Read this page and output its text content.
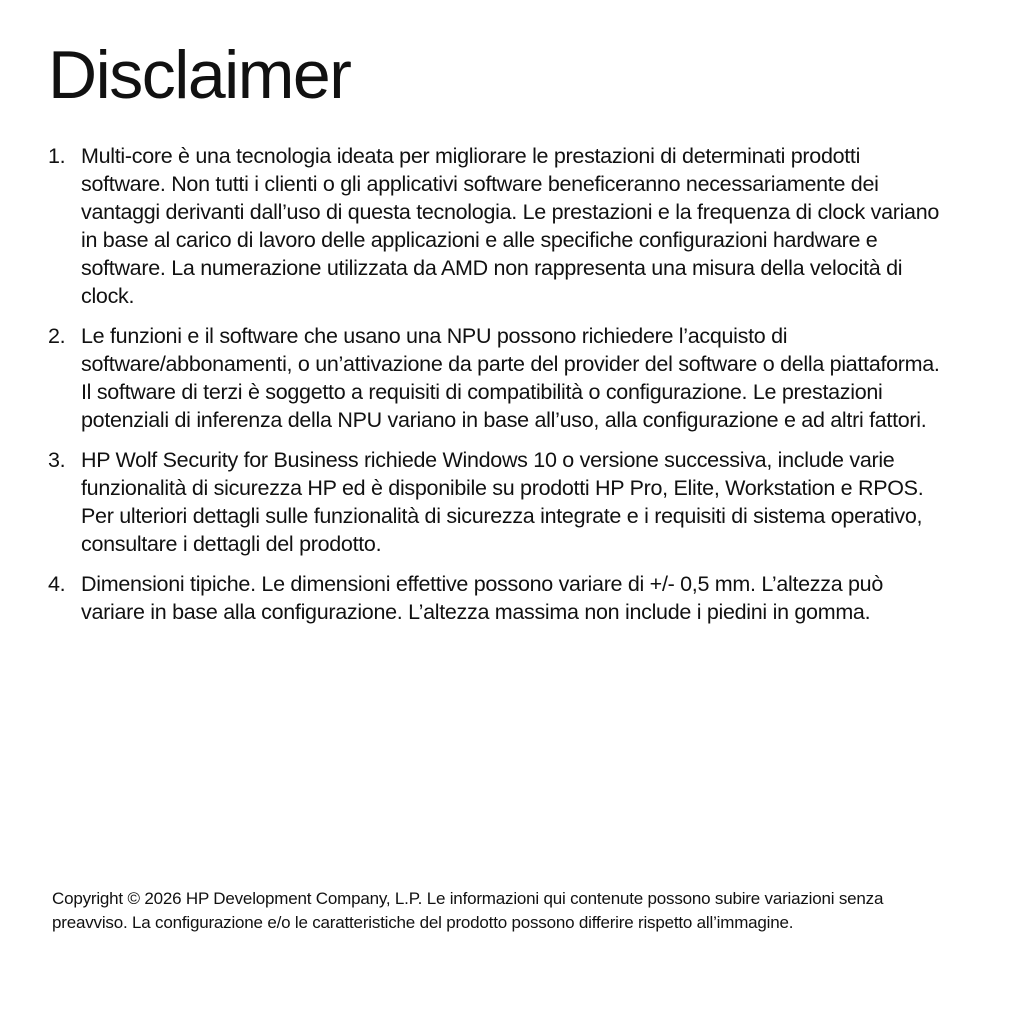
Disclaimer
1. Multi-core è una tecnologia ideata per migliorare le prestazioni di determinati prodotti software. Non tutti i clienti o gli applicativi software beneficeranno necessariamente dei vantaggi derivanti dall’uso di questa tecnologia. Le prestazioni e la frequenza di clock variano in base al carico di lavoro delle applicazioni e alle specifiche configurazioni hardware e software. La numerazione utilizzata da AMD non rappresenta una misura della velocità di clock.
2. Le funzioni e il software che usano una NPU possono richiedere l’acquisto di software/abbonamenti, o un’attivazione da parte del provider del software o della piattaforma. Il software di terzi è soggetto a requisiti di compatibilità o configurazione. Le prestazioni potenziali di inferenza della NPU variano in base all’uso, alla configurazione e ad altri fattori.
3. HP Wolf Security for Business richiede Windows 10 o versione successiva, include varie funzionalità di sicurezza HP ed è disponibile su prodotti HP Pro, Elite, Workstation e RPOS. Per ulteriori dettagli sulle funzionalità di sicurezza integrate e i requisiti di sistema operativo, consultare i dettagli del prodotto.
4. Dimensioni tipiche. Le dimensioni effettive possono variare di +/- 0,5 mm. L’altezza può variare in base alla configurazione. L’altezza massima non include i piedini in gomma.

Copyright © 2026 HP Development Company, L.P. Le informazioni qui contenute possono subire variazioni senza preavviso. La configurazione e/o le caratteristiche del prodotto possono differire rispetto all’immagine.
